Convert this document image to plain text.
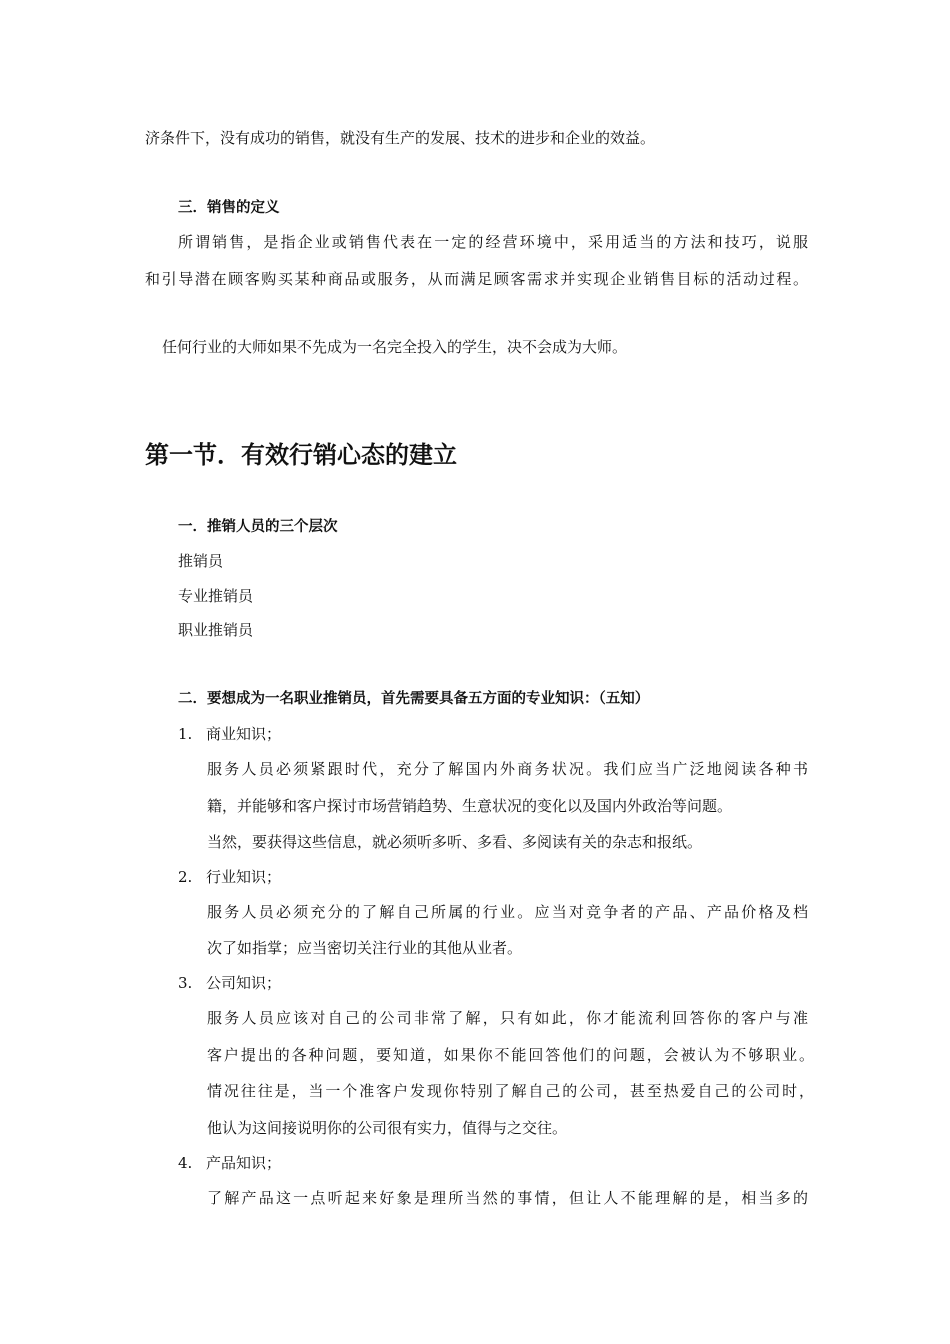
济条件下，没有成功的销售，就没有生产的发展、技术的进步和企业的效益。
三．销售的定义
所谓销售，是指企业或销售代表在一定的经营环境中，采用适当的方法和技巧，说服
和引导潜在顾客购买某种商品或服务，从而满足顾客需求并实现企业销售目标的活动过程。
任何行业的大师如果不先成为一名完全投入的学生，决不会成为大师。
第一节．有效行销心态的建立
一．推销人员的三个层次
推销员
专业推销员
职业推销员
二．要想成为一名职业推销员，首先需要具备五方面的专业知识：（五知）
1. 商业知识；
服务人员必须紧跟时代，充分了解国内外商务状况。我们应当广泛地阅读各种书
籍，并能够和客户探讨市场营销趋势、生意状况的变化以及国内外政治等问题。
当然，要获得这些信息，就必须听多听、多看、多阅读有关的杂志和报纸。
2. 行业知识；
服务人员必须充分的了解自己所属的行业。应当对竞争者的产品、产品价格及档
次了如指掌；应当密切关注行业的其他从业者。
3. 公司知识；
服务人员应该对自己的公司非常了解，只有如此，你才能流利回答你的客户与准
客户提出的各种问题，要知道，如果你不能回答他们的问题，会被认为不够职业。
情况往往是，当一个准客户发现你特别了解自己的公司，甚至热爱自己的公司时，
他认为这间接说明你的公司很有实力，值得与之交往。
4. 产品知识；
了解产品这一点听起来好象是理所当然的事情，但让人不能理解的是，相当多的
